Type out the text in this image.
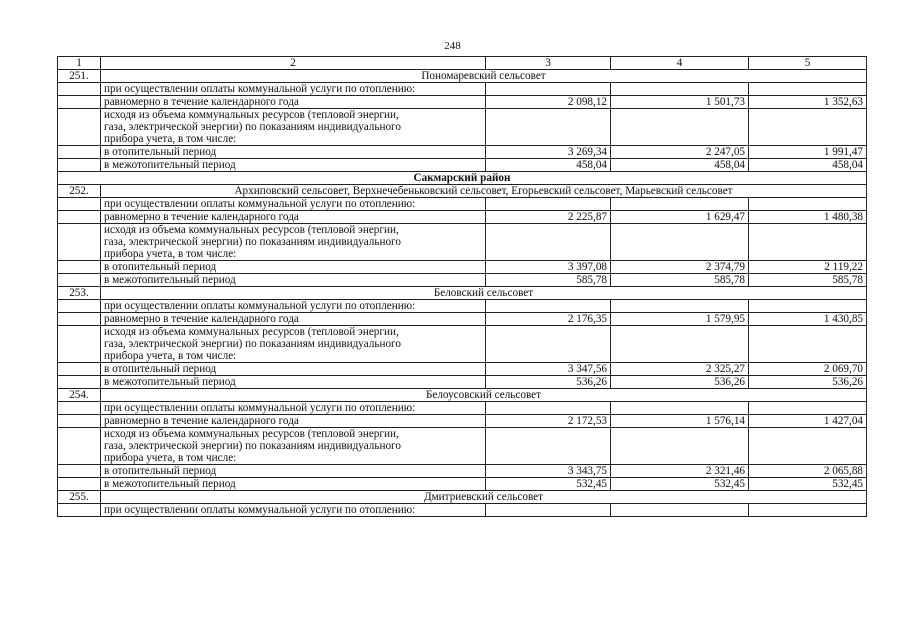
248
1	2	3	4	5
251.	Пономаревский сельсовет			
	при осуществлении оплаты коммунальной услуги по отоплению:			
	равномерно в течение календарного года	2 098,12	1 501,73	1 352,63
	исходя из объема коммунальных ресурсов (тепловой энергии,
газа, электрической энергии) по показаниям индивидуального
прибора учета, в том числе:			
	в отопительный период	3 269,34	2 247,05	1 991,47
	в межотопительный период	458,04	458,04	458,04
Сакмарский район				
252.	Архиповский сельсовет, Верхнечебеньковский сельсовет, Егорьевский сельсовет, Марьевский сельсовет			
	при осуществлении оплаты коммунальной услуги по отоплению:			
	равномерно в течение календарного года	2 225,87	1 629,47	1 480,38
	исходя из объема коммунальных ресурсов (тепловой энергии,
газа, электрической энергии) по показаниям индивидуального
прибора учета, в том числе:			
	в отопительный период	3 397,08	2 374,79	2 119,22
	в межотопительный период	585,78	585,78	585,78
253.	Беловский сельсовет			
	при осуществлении оплаты коммунальной услуги по отоплению:			
	равномерно в течение календарного года	2 176,35	1 579,95	1 430,85
	исходя из объема коммунальных ресурсов (тепловой энергии,
газа, электрической энергии) по показаниям индивидуального
прибора учета, в том числе:			
	в отопительный период	3 347,56	2 325,27	2 069,70
	в межотопительный период	536,26	536,26	536,26
254.	Белоусовский сельсовет			
	при осуществлении оплаты коммунальной услуги по отоплению:			
	равномерно в течение календарного года	2 172,53	1 576,14	1 427,04
	исходя из объема коммунальных ресурсов (тепловой энергии,
газа, электрической энергии) по показаниям индивидуального
прибора учета, в том числе:			
	в отопительный период	3 343,75	2 321,46	2 065,88
	в межотопительный период	532,45	532,45	532,45
255.	Дмитриевский сельсовет			
	при осуществлении оплаты коммунальной услуги по отоплению:			
